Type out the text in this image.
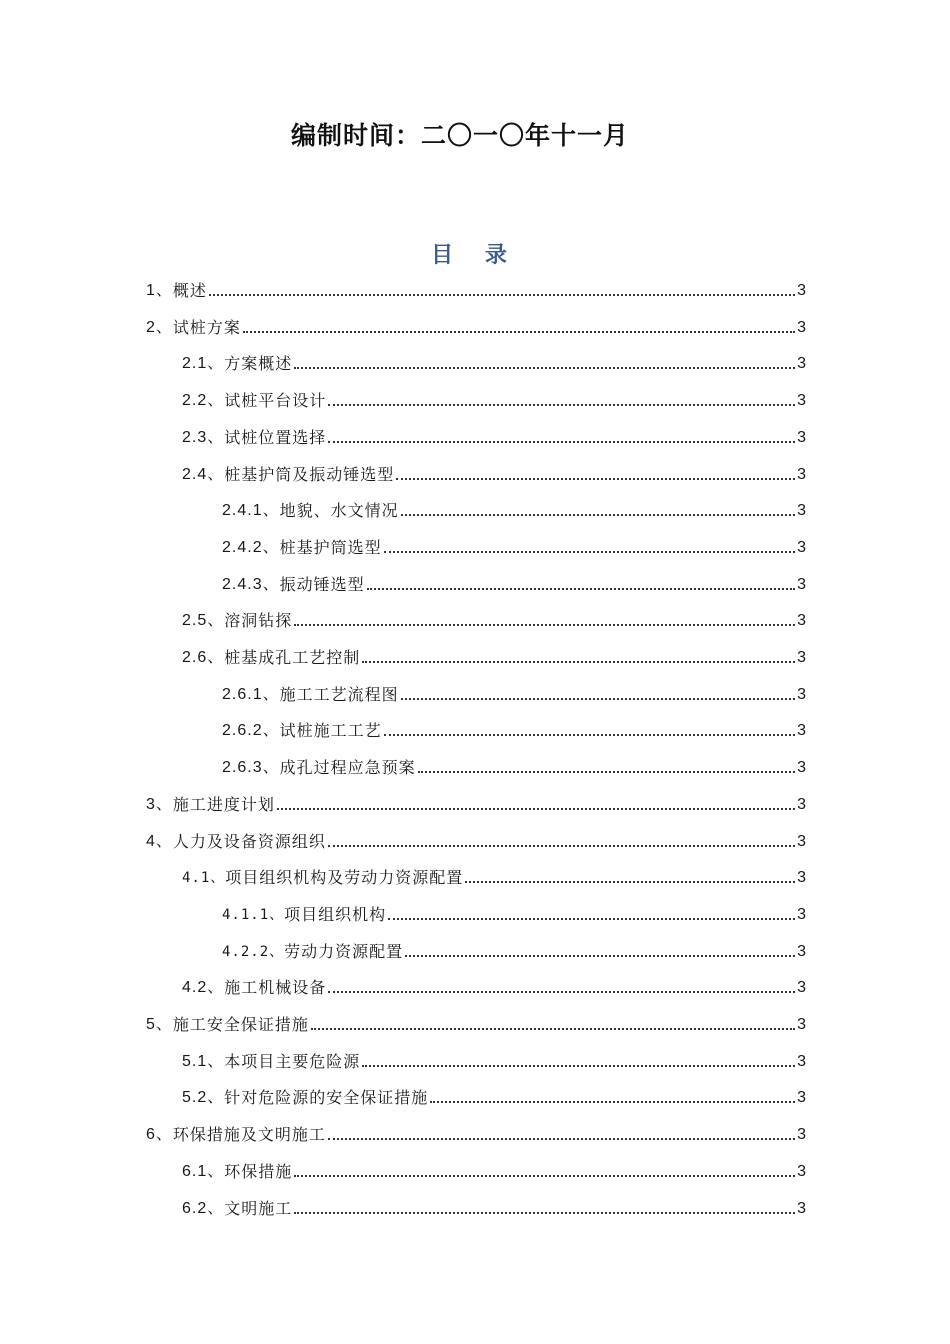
编制时间：二〇一〇年十一月
目 录
1、 概述	3
2、 试桩方案	3
2.1、 方案概述	3
2.2、 试桩平台设计	3
2.3、 试桩位置选择	3
2.4、 桩基护筒及振动锤选型	3
2.4.1、 地貌、水文情况	3
2.4.2、 桩基护筒选型	3
2.4.3、 振动锤选型	3
2.5、 溶洞钻探	3
2.6、 桩基成孔工艺控制	3
2.6.1、 施工工艺流程图	3
2.6.2、 试桩施工工艺	3
2.6.3、 成孔过程应急预案	3
3、 施工进度计划	3
4、 人力及设备资源组织	3
4.1、 项目组织机构及劳动力资源配置	3
4.1.1、 项目组织机构	3
4.2.2、 劳动力资源配置	3
4.2、 施工机械设备	3
5、 施工安全保证措施	3
5.1、 本项目主要危险源	3
5.2、 针对危险源的安全保证措施	3
6、 环保措施及文明施工	3
6.1、 环保措施	3
6.2、 文明施工	3
